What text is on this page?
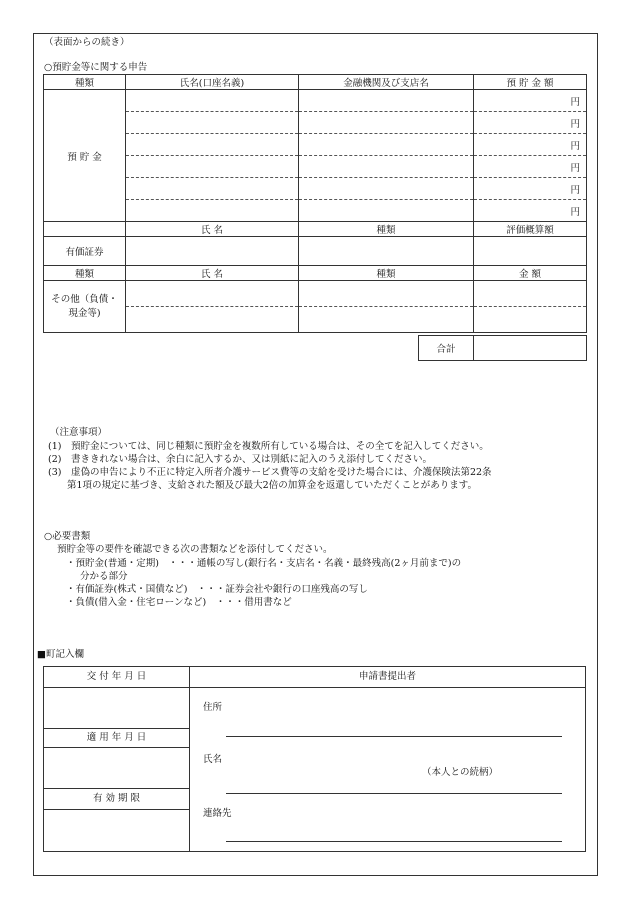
（表面からの続き）
○預貯金等に関する申告
種類	氏名(口座名義)	金融機関及び支店名	預 貯 金 額
預 貯 金			円
			円
			円
			円
			円
			円
	氏 名	種類	評価概算額
有価証券			
種類	氏 名	種類	金 額
その他（負債・
現金等)			

合計	
（注意事項）
(1)　預貯金については、同じ種類に預貯金を複数所有している場合は、その全てを記入してください。
(2)　書ききれない場合は、余白に記入するか、又は別紙に記入のうえ添付してください。
(3)　虚偽の申告により不正に特定入所者介護サービス費等の支給を受けた場合には、介護保険法第22条
　　第1項の規定に基づき、支給された額及び最大2倍の加算金を返還していただくことがあります。
○必要書類
預貯金等の要件を確認できる次の書類などを添付してください。
・預貯金(普通・定期)　・・・通帳の写し(銀行名・支店名・名義・最終残高(2ヶ月前まで)の
分かる部分
・有価証券(株式・国債など)　・・・証券会社や銀行の口座残高の写し
・負債(借入金・住宅ローンなど)　・・・借用書など
■町記入欄
交 付 年 月 日
適 用 年 月 日
有 効 期 限
申請書提出者
住所
氏名
（本人との続柄）
連絡先
